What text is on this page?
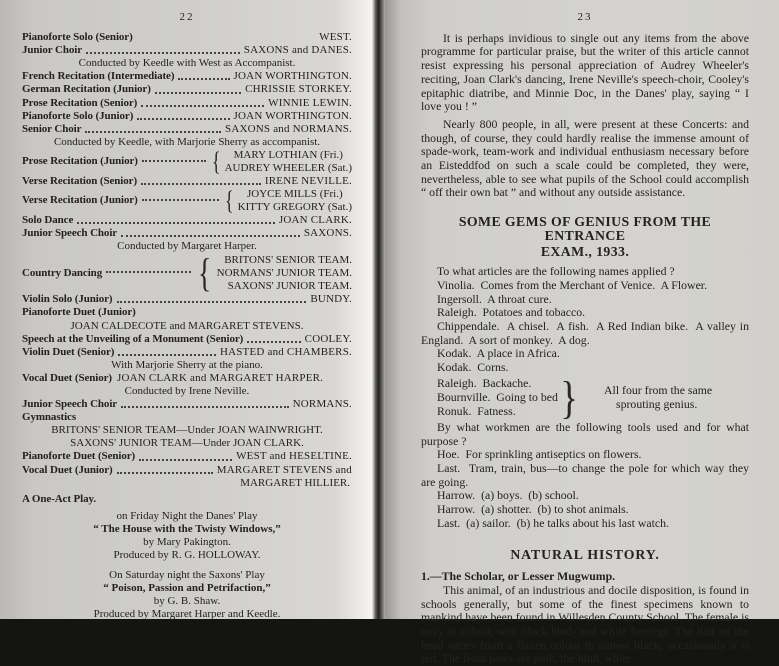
22
Pianoforte Solo (Senior)	WEST.
Junior Choir	SAXONS and DANES.
Conducted by Keedle with West as Accompanist.
French Recitation (Intermediate)	JOAN WORTHINGTON.
German Recitation (Junior)	CHRISSIE STORKEY.
Prose Recitation (Senior)	WINNIE LEWIN.
Pianoforte Solo (Junior)	JOAN WORTHINGTON.
Senior Choir	SAXONS and NORMANS.
Conducted by Keedle, with Marjorie Sherry as accompanist.
Prose Recitation (Junior)
{
MARY LOTHIAN (Fri.)
AUDREY WHEELER (Sat.)
Verse Recitation (Senior)	IRENE NEVILLE.
Verse Recitation (Junior)
{
JOYCE MILLS (Fri.)
KITTY GREGORY (Sat.)
Solo Dance	JOAN CLARK.
Junior Speech Choir	SAXONS.
Conducted by Margaret Harper.
Country Dancing
{
BRITONS' SENIOR TEAM.
NORMANS' JUNIOR TEAM.
SAXONS' JUNIOR TEAM.
Violin Solo (Junior)	BUNDY.
Pianoforte Duet (Junior)
JOAN CALDECOTE and MARGARET STEVENS.
Speech at the Unveiling of a Monument (Senior)	COOLEY.
Violin Duet (Senior)	HASTED and CHAMBERS.
With Marjorie Sherry at the piano.
Vocal Duet (Senior) JOAN CLARK and MARGARET HARPER.
Conducted by Irene Neville.
Junior Speech Choir	NORMANS.
Gymnastics
BRITONS' SENIOR TEAM—Under JOAN WAINWRIGHT.
SAXONS' JUNIOR TEAM—Under JOAN CLARK.
Pianoforte Duet (Senior)	WEST and HESELTINE.
Vocal Duet (Junior)	MARGARET STEVENS and
MARGARET HILLIER.
A One-Act Play.
on Friday Night the Danes' Play
“ The House with the Twisty Windows,”
by Mary Pakington.
Produced by R. G. HOLLOWAY.
On Saturday night the Saxons' Play
“ Poison, Passion and Petrifaction,”
by G. B. Shaw.
Produced by Margaret Harper and Keedle.
23

It is perhaps invidious to single out any items from the above programme for particular praise, but the writer of this article cannot resist expressing his personal appreciation of Audrey Wheeler's reciting, Joan Clark's dancing, Irene Neville's speech-choir, Cooley's epitaphic diatribe, and Minnie Doc, in the Danes' play, saying “ I love you ! ”

Nearly 800 people, in all, were present at these Concerts: and though, of course, they could hardly realise the immense amount of spade-work, team-work and individual enthusiasm necessary before an Eisteddfod on such a scale could be completed, they were, nevertheless, able to see what pupils of the School could accomplish “ off their own bat ” and without any outside assistance.

SOME GEMS OF GENIUS FROM THE ENTRANCE
EXAM., 1933.

To what articles are the following names applied ?

Vinolia.  Comes from the Merchant of Venice.  A Flower.

Ingersoll.  A throat cure.

Raleigh.  Potatoes and tobacco.

Chippendale.  A chisel.  A fish.  A Red Indian bike.  A valley in England.  A sort of monkey.  A dog.

Kodak.  A place in Africa.

Kodak.  Corns.

Raleigh.  Backache.
Bournville.  Going to bed
Ronuk.  Fatness.
}
All four from the same
sprouting genius.

By what workmen are the following tools used and for what purpose ?

Hoe.  For sprinkling antiseptics on flowers.

Last.  Tram, train, bus—to change the pole for which way they are going.

Harrow.  (a) boys.  (b) school.

Harrow.  (a) shotter.  (b) to shot animals.

Last.  (a) sailor.  (b) he talks about his last watch.

NATURAL HISTORY.

1.—The Scholar, or Lesser Mugwump.

This animal, of an industrious and docile disposition, is found in schools generally, but some of the finest specimens known to mankind have been found in Willesden County School. The female is navy in colour, with black hind- and white forelegs. The hair on the head varies from a flaxen colour to almost black; occasionally it is red. The front paws are pink, the hind, white.
